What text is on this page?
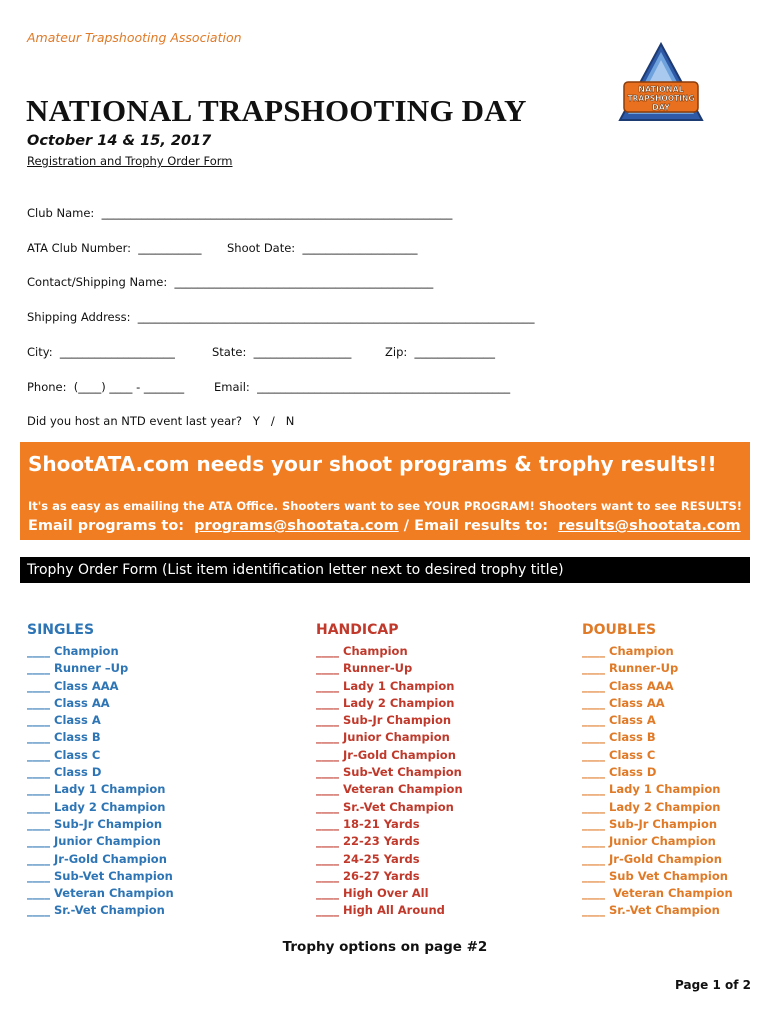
Amateur Trapshooting Association
NATIONAL
TRAPSHOOTING
DAY
NATIONAL TRAPSHOOTING DAY
October 14 & 15, 2017
Registration and Trophy Order Form
Club Name:  _____________________________________________________________
ATA Club Number:  ___________ Shoot Date:  ____________________
Contact/Shipping Name:  _____________________________________________
Shipping Address:  _____________________________________________________________________
City:  ____________________	State:  _________________	Zip:  ______________
Phone:  (____) ____ - _______	Email:  ____________________________________________
Did you host an NTD event last year?   Y   /   N
ShootATA.com needs your shoot programs & trophy results!!
It's as easy as emailing the ATA Office. Shooters want to see YOUR PROGRAM! Shooters want to see RESULTS!
Email programs to:  programs@shootata.com / Email results to:  results@shootata.com
Trophy Order Form (List item identification letter next to desired trophy title)
SINGLES
____ Champion
____ Runner –Up
____ Class AAA
____ Class AA
____ Class A
____ Class B
____ Class C
____ Class D
____ Lady 1 Champion
____ Lady 2 Champion
____ Sub-Jr Champion
____ Junior Champion
____ Jr-Gold Champion
____ Sub-Vet Champion
____ Veteran Champion
____ Sr.-Vet Champion
HANDICAP
____ Champion
____ Runner-Up
____ Lady 1 Champion
____ Lady 2 Champion
____ Sub-Jr Champion
____ Junior Champion
____ Jr-Gold Champion
____ Sub-Vet Champion
____ Veteran Champion
____ Sr.-Vet Champion
____ 18-21 Yards
____ 22-23 Yards
____ 24-25 Yards
____ 26-27 Yards
____ High Over All
____ High All Around
DOUBLES
____ Champion
____ Runner-Up
____ Class AAA
____ Class AA
____ Class A
____ Class B
____ Class C
____ Class D
____ Lady 1 Champion
____ Lady 2 Champion
____ Sub-Jr Champion
____ Junior Champion
____ Jr-Gold Champion
____ Sub Vet Champion
____  Veteran Champion
____ Sr.-Vet Champion
Trophy options on page #2
Page 1 of 2
